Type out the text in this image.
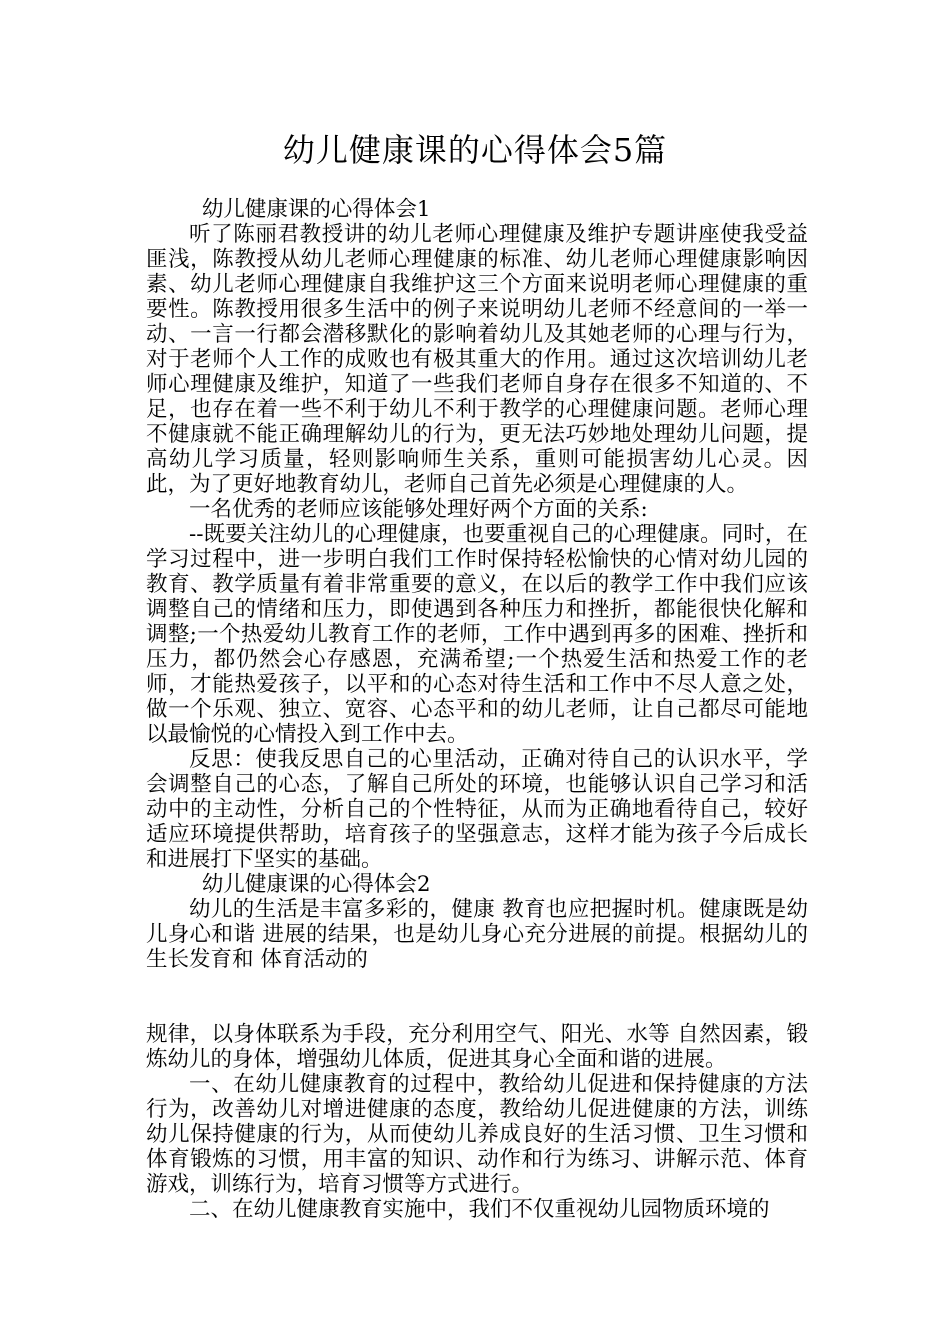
幼儿健康课的心得体会5篇

幼儿健康课的心得体会1

听了陈丽君教授讲的幼儿老师心理健康及维护专题讲座使我受益匪浅，陈教授从幼儿老师心理健康的标准、幼儿老师心理健康影响因素、幼儿老师心理健康自我维护这三个方面来说明老师心理健康的重要性。陈教授用很多生活中的例子来说明幼儿老师不经意间的一举一动、一言一行都会潜移默化的影响着幼儿及其她老师的心理与行为，对于老师个人工作的成败也有极其重大的作用。通过这次培训幼儿老师心理健康及维护，知道了一些我们老师自身存在很多不知道的、不足，也存在着一些不利于幼儿不利于教学的心理健康问题。老师心理不健康就不能正确理解幼儿的行为，更无法巧妙地处理幼儿问题，提高幼儿学习质量，轻则影响师生关系，重则可能损害幼儿心灵。因此，为了更好地教育幼儿，老师自己首先必须是心理健康的人。

一名优秀的老师应该能够处理好两个方面的关系:

--既要关注幼儿的心理健康，也要重视自己的心理健康。同时，在学习过程中，进一步明白我们工作时保持轻松愉快的心情对幼儿园的教育、教学质量有着非常重要的意义，在以后的教学工作中我们应该调整自己的情绪和压力，即使遇到各种压力和挫折，都能很快化解和调整;一个热爱幼儿教育工作的老师，工作中遇到再多的困难、挫折和压力，都仍然会心存感恩，充满希望;一个热爱生活和热爱工作的老师，才能热爱孩子，以平和的心态对待生活和工作中不尽人意之处，做一个乐观、独立、宽容、心态平和的幼儿老师，让自己都尽可能地以最愉悦的心情投入到工作中去。

反思：使我反思自己的心里活动，正确对待自己的认识水平，学会调整自己的心态，了解自己所处的环境，也能够认识自己学习和活动中的主动性，分析自己的个性特征，从而为正确地看待自己，较好适应环境提供帮助，培育孩子的坚强意志，这样才能为孩子今后成长和进展打下坚实的基础。

幼儿健康课的心得体会2

幼儿的生活是丰富多彩的，健康 教育也应把握时机。健康既是幼儿身心和谐 进展的结果，也是幼儿身心充分进展的前提。根据幼儿的生长发育和 体育活动的

规律，以身体联系为手段，充分利用空气、阳光、水等 自然因素，锻炼幼儿的身体，增强幼儿体质，促进其身心全面和谐的进展。

一、在幼儿健康教育的过程中，教给幼儿促进和保持健康的方法行为，改善幼儿对增进健康的态度，教给幼儿促进健康的方法，训练幼儿保持健康的行为，从而使幼儿养成良好的生活习惯、卫生习惯和体育锻炼的习惯，用丰富的知识、动作和行为练习、讲解示范、体育游戏，训练行为，培育习惯等方式进行。

二、在幼儿健康教育实施中，我们不仅重视幼儿园物质环境的
